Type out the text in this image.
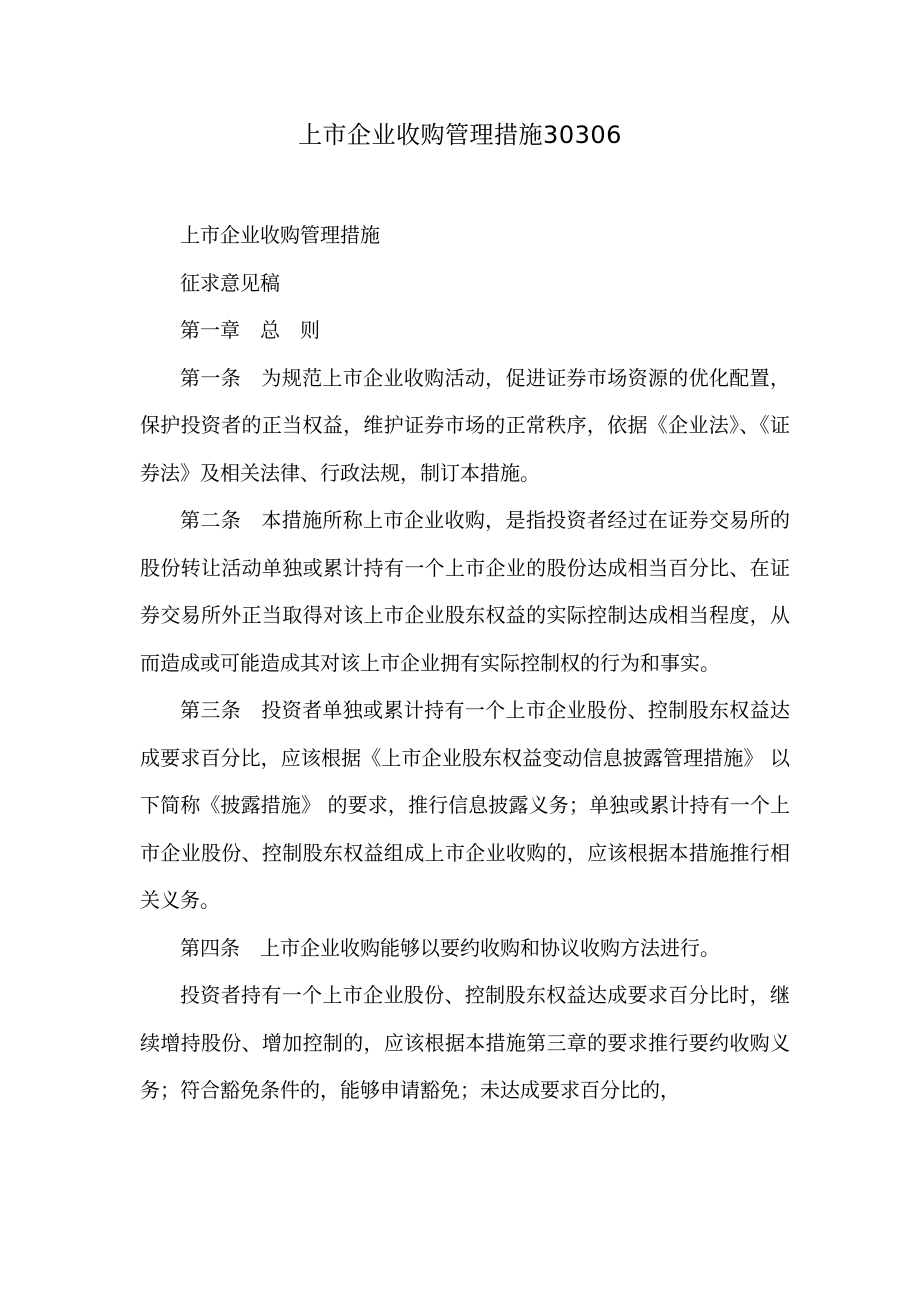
上市企业收购管理措施30306

上市企业收购管理措施

征求意见稿

第一章　总　则

第一条　为规范上市企业收购活动，促进证券市场资源的优化配置，保护投资者的正当权益，维护证券市场的正常秩序，依据《企业法》、《证券法》及相关法律、行政法规，制订本措施。

第二条　本措施所称上市企业收购，是指投资者经过在证券交易所的股份转让活动单独或累计持有一个上市企业的股份达成相当百分比、在证券交易所外正当取得对该上市企业股东权益的实际控制达成相当程度，从而造成或可能造成其对该上市企业拥有实际控制权的行为和事实。

第三条　投资者单独或累计持有一个上市企业股份、控制股东权益达成要求百分比，应该根据《上市企业股东权益变动信息披露管理措施》 以下简称《披露措施》 的要求，推行信息披露义务；单独或累计持有一个上市企业股份、控制股东权益组成上市企业收购的，应该根据本措施推行相关义务。

第四条　上市企业收购能够以要约收购和协议收购方法进行。

投资者持有一个上市企业股份、控制股东权益达成要求百分比时，继续增持股份、增加控制的，应该根据本措施第三章的要求推行要约收购义务；符合豁免条件的，能够申请豁免；未达成要求百分比的，
